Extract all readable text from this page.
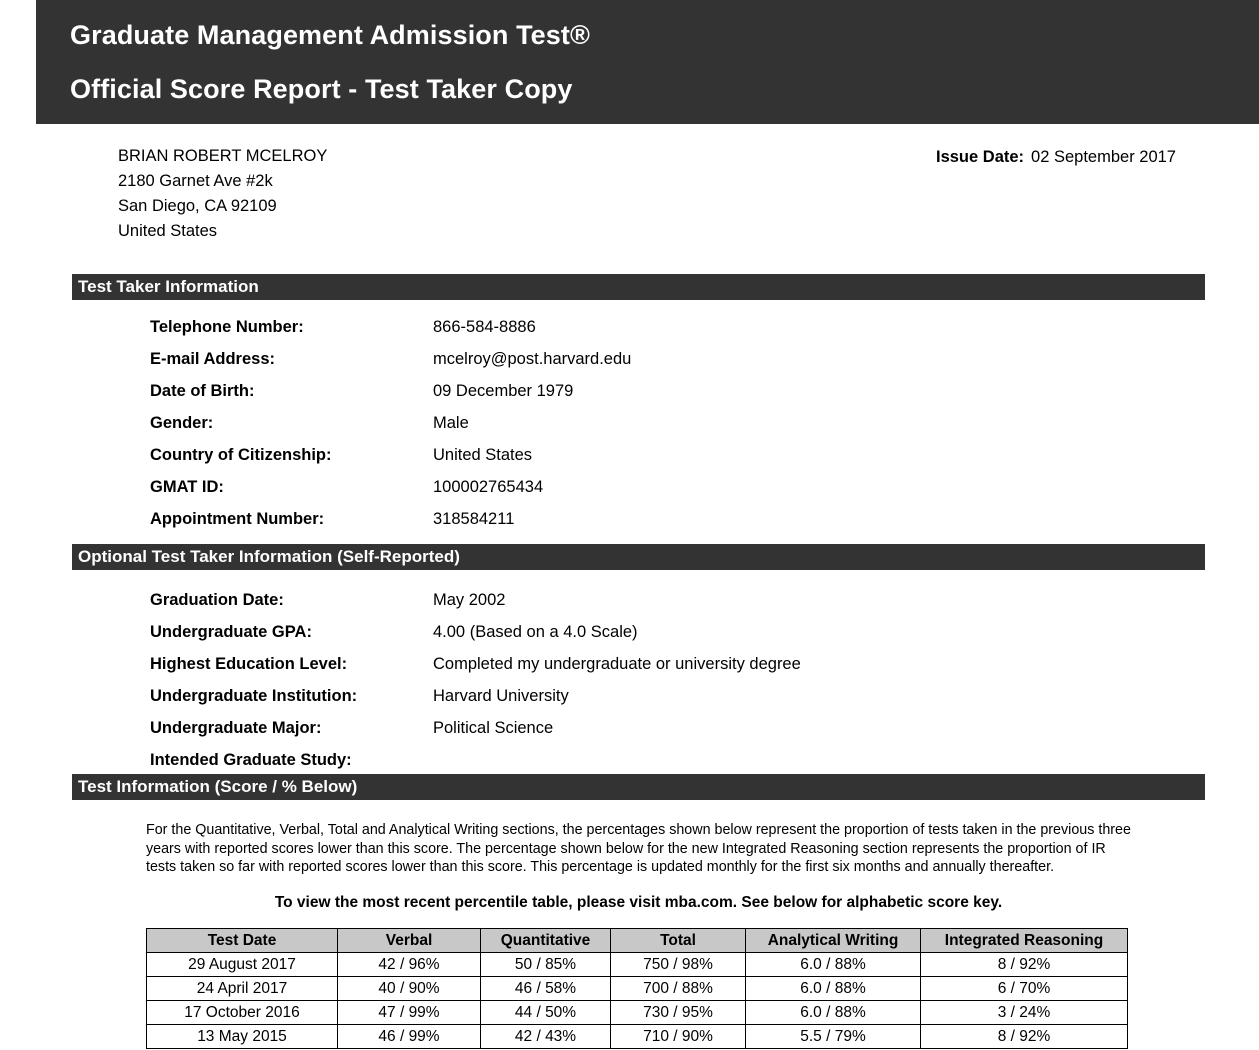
Graduate Management Admission Test®
Official Score Report - Test Taker Copy
BRIAN ROBERT MCELROY
2180 Garnet Ave #2k
San Diego, CA 92109
United States
Issue Date: 02 September 2017
Test Taker Information
Telephone Number:	866-584-8886
E-mail Address:	mcelroy@post.harvard.edu
Date of Birth:	09 December 1979
Gender:	Male
Country of Citizenship:	United States
GMAT ID:	100002765434
Appointment Number:	318584211
Optional Test Taker Information (Self-Reported)
Graduation Date:	May 2002
Undergraduate GPA:	4.00 (Based on a 4.0 Scale)
Highest Education Level:	Completed my undergraduate or university degree
Undergraduate Institution:	Harvard University
Undergraduate Major:	Political Science
Intended Graduate Study:
Test Information (Score / % Below)
For the Quantitative, Verbal, Total and Analytical Writing sections, the percentages shown below represent the proportion of tests taken in the previous three years with reported scores lower than this score. The percentage shown below for the new Integrated Reasoning section represents the proportion of IR tests taken so far with reported scores lower than this score. This percentage is updated monthly for the first six months and annually thereafter.
To view the most recent percentile table, please visit mba.com. See below for alphabetic score key.
Test Date	Verbal	Quantitative	Total	Analytical Writing	Integrated Reasoning
29 August 2017	42 / 96%	50 / 85%	750 / 98%	6.0 / 88%	8 / 92%
24 April 2017	40 / 90%	46 / 58%	700 / 88%	6.0 / 88%	6 / 70%
17 October 2016	47 / 99%	44 / 50%	730 / 95%	6.0 / 88%	3 / 24%
13 May 2015	46 / 99%	42 / 43%	710 / 90%	5.5 / 79%	8 / 92%
